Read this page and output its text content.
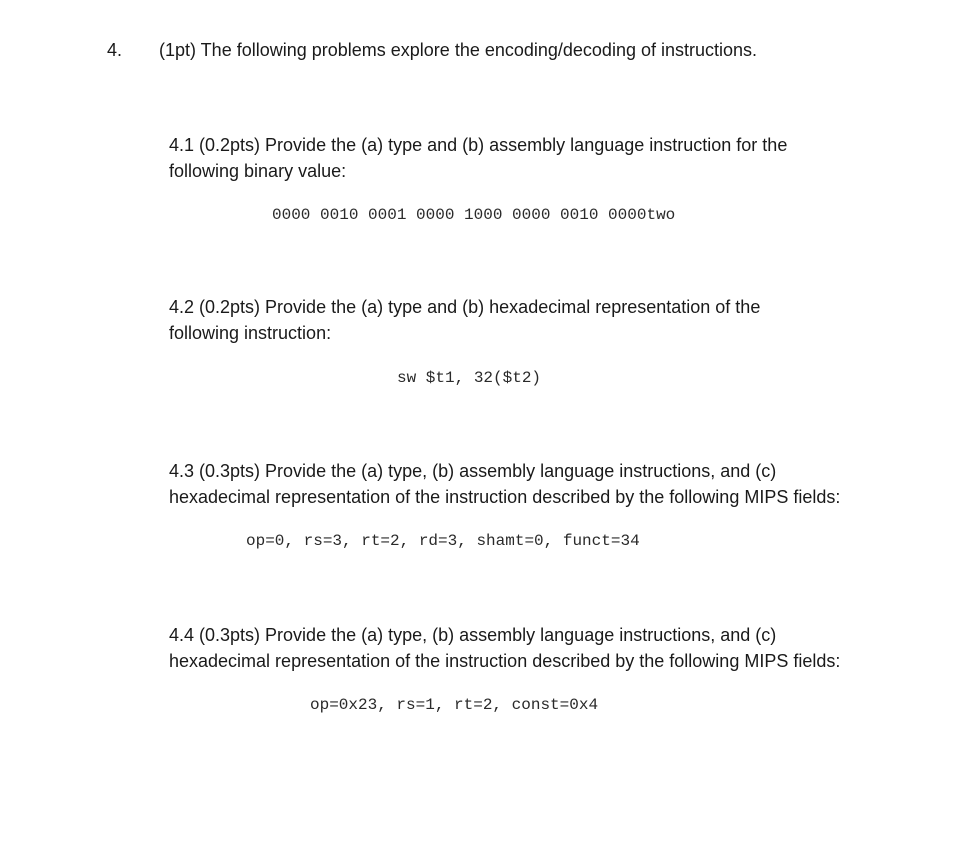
4. (1pt) The following problems explore the encoding/decoding of instructions.
4.1 (0.2pts) Provide the (a) type and (b) assembly language instruction for the
following binary value:
0000 0010 0001 0000 1000 0000 0010 0000two
4.2 (0.2pts) Provide the (a) type and (b) hexadecimal representation of the
following instruction:
sw $t1, 32($t2)
4.3 (0.3pts) Provide the (a) type, (b) assembly language instructions, and (c)
hexadecimal representation of the instruction described by the following MIPS fields:
op=0, rs=3, rt=2, rd=3, shamt=0, funct=34
4.4 (0.3pts) Provide the (a) type, (b) assembly language instructions, and (c)
hexadecimal representation of the instruction described by the following MIPS fields:
op=0x23, rs=1, rt=2, const=0x4
